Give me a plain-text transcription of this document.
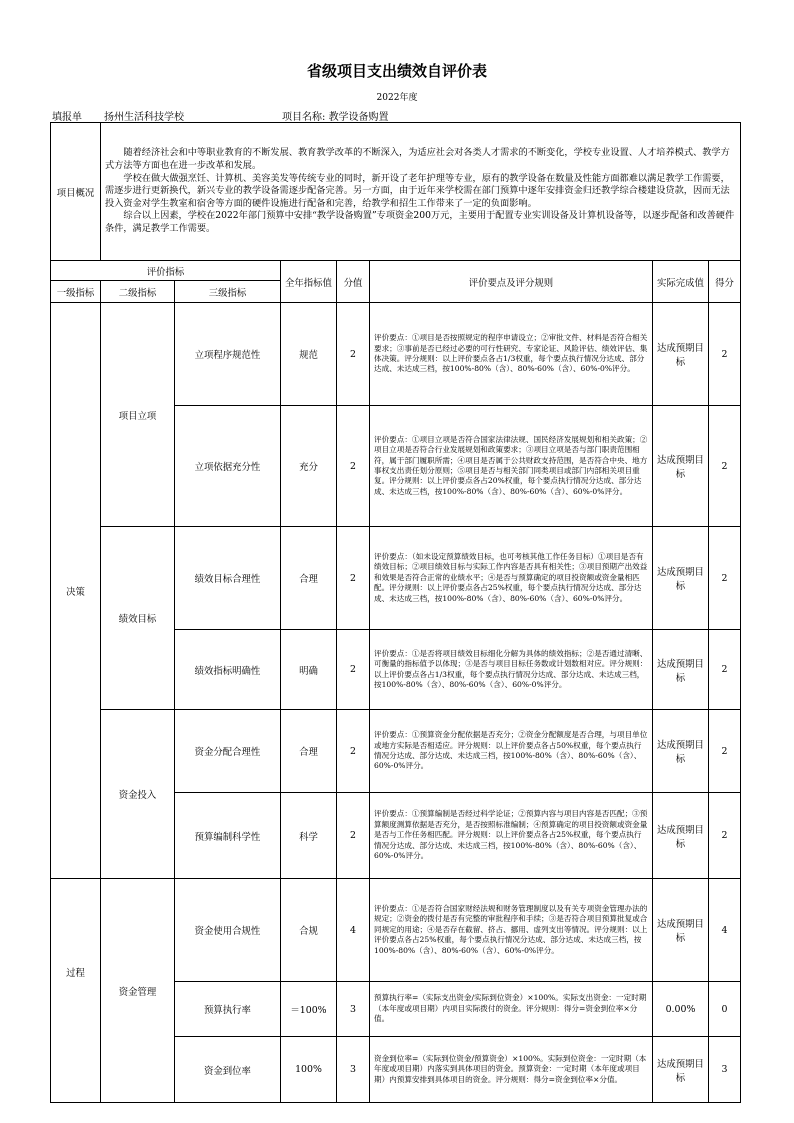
省级项目支出绩效自评价表
2022年度
填报单 扬州生活科技学校	项目名称: 教学设备购置
项目概况	随着经济社会和中等职业教育的不断发展、教育教学改革的不断深入，为适应社会对各类人才需求的不断变化，学校专业设置、人才培养模式、教学方式方法等方面也在进一步改革和发展。

学校在做大做强烹饪、计算机、美容美发等传统专业的同时，新开设了老年护理等专业，原有的教学设备在数量及性能方面都难以满足教学工作需要，需逐步进行更新换代，新兴专业的教学设备需逐步配备完善。另一方面，由于近年来学校需在部门预算中逐年安排资金归还教学综合楼建设贷款，因而无法投入资金对学生教室和宿舍等方面的硬件设施进行配备和完善，给教学和招生工作带来了一定的负面影响。

综合以上因素，学校在2022年部门预算中安排“教学设备购置”专项资金200万元，主要用于配置专业实训设备及计算机设备等，以逐步配备和改善硬件条件，满足教学工作需要。						

评价指标			全年指标值	分值	评价要点及评分规则	实际完成值	得分
一级指标	二级指标	三级指标					
决策	项目立项	立项程序规范性	规范	2	评价要点：①项目是否按照规定的程序申请设立；②审批文件、材料是否符合相关要求；③事前是否已经过必要的可行性研究、专家论证、风险评估、绩效评估、集体决策。评分规则：以上评价要点各占1/3权重，每个要点执行情况分达成、部分达成、未达成三档，按100%-80%（含）、80%-60%（含）、60%-0%评分。	达成预期目标	2
		立项依据充分性	充分	2	评价要点：①项目立项是否符合国家法律法规、国民经济发展规划和相关政策；②项目立项是否符合行业发展规划和政策要求；③项目立项是否与部门职责范围相符，属于部门履职所需；④项目是否属于公共财政支持范围，是否符合中央、地方事权支出责任划分原则；⑤项目是否与相关部门同类项目或部门内部相关项目重复。评分规则：以上评价要点各占20%权重，每个要点执行情况分达成、部分达成、未达成三档，按100%-80%（含）、80%-60%（含）、60%-0%评分。	达成预期目标	2
	绩效目标	绩效目标合理性	合理	2	评价要点：（如未设定预算绩效目标，也可考核其他工作任务目标）①项目是否有绩效目标；②项目绩效目标与实际工作内容是否具有相关性；③项目预期产出效益和效果是否符合正常的业绩水平；④是否与预算确定的项目投资额或资金量相匹配。评分规则：以上评价要点各占25%权重，每个要点执行情况分达成、部分达成、未达成三档，按100%-80%（含）、80%-60%（含）、60%-0%评分。	达成预期目标	2
		绩效指标明确性	明确	2	评价要点：①是否将项目绩效目标细化分解为具体的绩效指标；②是否通过清晰、可衡量的指标值予以体现；③是否与项目目标任务数或计划数相对应。评分规则：以上评价要点各占1/3权重，每个要点执行情况分达成、部分达成、未达成三档，按100%-80%（含）、80%-60%（含）、60%-0%评分。	达成预期目标	2
	资金投入	资金分配合理性	合理	2	评价要点：①预算资金分配依据是否充分；②资金分配额度是否合理，与项目单位或地方实际是否相适应。评分规则：以上评价要点各占50%权重，每个要点执行情况分达成、部分达成、未达成三档，按100%-80%（含）、80%-60%（含）、60%-0%评分。	达成预期目标	2
		预算编制科学性	科学	2	评价要点：①预算编制是否经过科学论证；②预算内容与项目内容是否匹配；③预算额度测算依据是否充分，是否按照标准编制；④预算确定的项目投资额或资金量是否与工作任务相匹配。评分规则：以上评价要点各占25%权重，每个要点执行情况分达成、部分达成、未达成三档，按100%-80%（含）、80%-60%（含）、60%-0%评分。	达成预期目标	2

过程	资金管理	资金使用合规性	合规	4	评价要点：①是否符合国家财经法规和财务管理制度以及有关专项资金管理办法的规定；②资金的拨付是否有完整的审批程序和手续；③是否符合项目预算批复或合同规定的用途；④是否存在截留、挤占、挪用、虚列支出等情况。评分规则：以上评价要点各占25%权重，每个要点执行情况分达成、部分达成、未达成三档，按100%-80%（含）、80%-60%（含）、60%-0%评分。	达成预期目标	4
		预算执行率	＝100%	3	预算执行率=（实际支出资金/实际到位资金）×100%。实际支出资金：一定时期（本年度或项目期）内项目实际拨付的资金。评分规则：得分=资金到位率×分值。	0.00%	0
		资金到位率	100%	3	资金到位率=（实际到位资金/预算资金）×100%。实际到位资金：一定时期（本年度或项目期）内落实到具体项目的资金。预算资金：一定时期（本年度或项目期）内预算安排到具体项目的资金。评分规则：得分=资金到位率×分值。	达成预期目标	3
